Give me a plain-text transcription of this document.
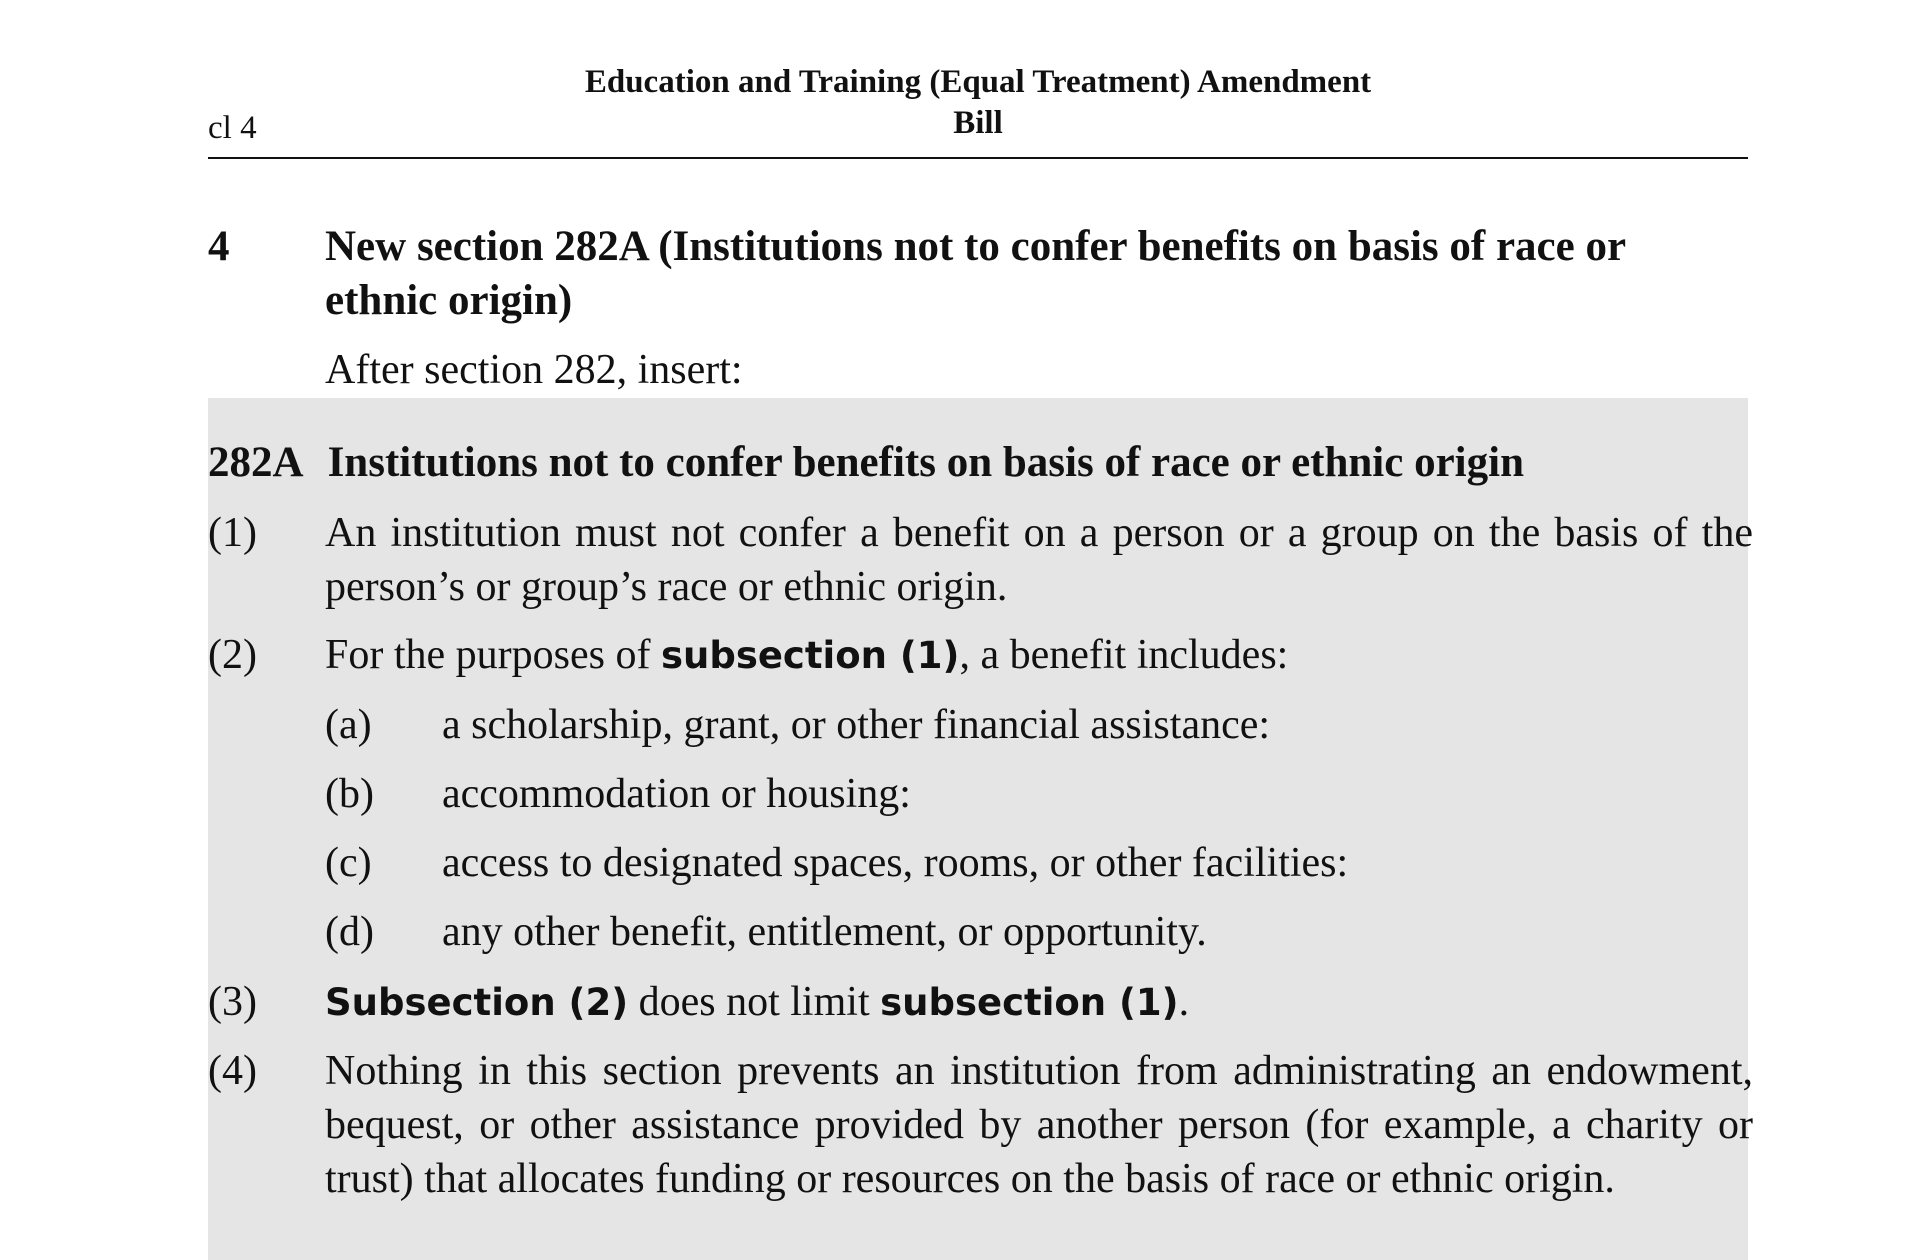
cl 4
Education and Training (Equal Treatment) Amendment
Bill
4 New section 282A (Institutions not to confer benefits on basis of race or ethnic origin)
After section 282, insert:
282A Institutions not to confer benefits on basis of race or ethnic origin
(1) An institution must not confer a benefit on a person or a group on the basis of the person’s or group’s race or ethnic origin.
(2) For the purposes of subsection (1), a benefit includes:
(a) a scholarship, grant, or other financial assistance:
(b) accommodation or housing:
(c) access to designated spaces, rooms, or other facilities:
(d) any other benefit, entitlement, or opportunity.
(3) Subsection (2) does not limit subsection (1).
(4) Nothing in this section prevents an institution from administrating an endowment, bequest, or other assistance provided by another person (for example, a charity or trust) that allocates funding or resources on the basis of race or ethnic origin.
